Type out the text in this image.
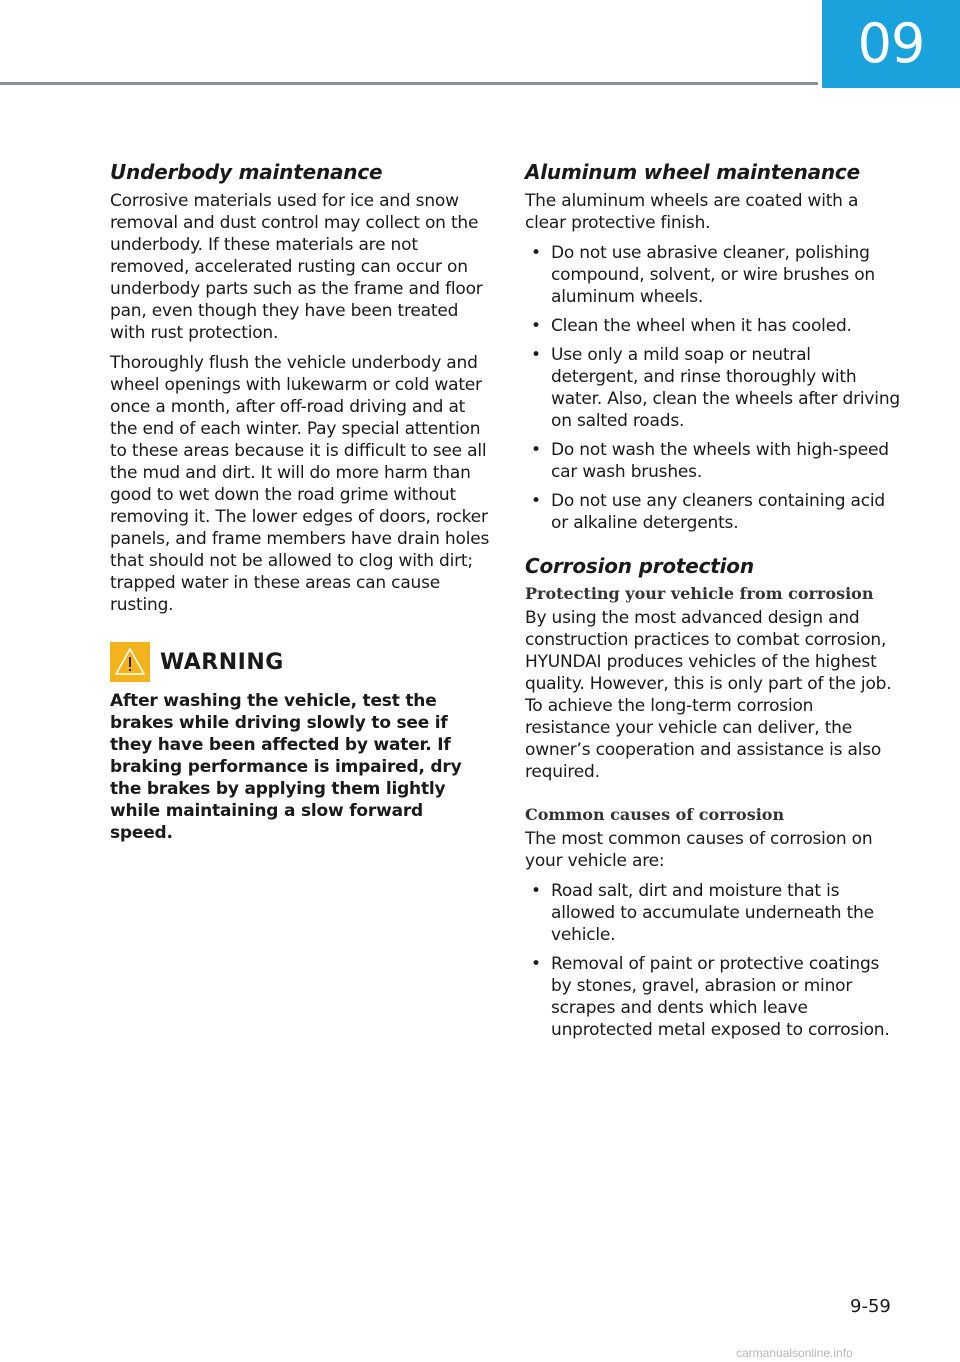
09
Underbody maintenance

Corrosive materials used for ice and snow removal and dust control may collect on the underbody. If these materials are not removed, accelerated rusting can occur on underbody parts such as the frame and floor pan, even though they have been treated with rust protection.

Thoroughly flush the vehicle underbody and wheel openings with lukewarm or cold water once a month, after off-road driving and at the end of each winter. Pay special attention to these areas because it is difficult to see all the mud and dirt. It will do more harm than good to wet down the road grime without removing it. The lower edges of doors, rocker panels, and frame members have drain holes that should not be allowed to clog with dirt; trapped water in these areas can cause rusting.

WARNING

After washing the vehicle, test the brakes while driving slowly to see if they have been affected by water. If braking performance is impaired, dry the brakes by applying them lightly while maintaining a slow forward speed.

Aluminum wheel maintenance

The aluminum wheels are coated with a clear protective finish.

• Do not use abrasive cleaner, polishing compound, solvent, or wire brushes on aluminum wheels.
• Clean the wheel when it has cooled.
• Use only a mild soap or neutral detergent, and rinse thoroughly with water. Also, clean the wheels after driving on salted roads.
• Do not wash the wheels with high-speed car wash brushes.
• Do not use any cleaners containing acid or alkaline detergents.
Corrosion protection
Protecting your vehicle from corrosion

By using the most advanced design and construction practices to combat corrosion, HYUNDAI produces vehicles of the highest quality. However, this is only part of the job. To achieve the long-term corrosion resistance your vehicle can deliver, the owner’s cooperation and assistance is also required.

Common causes of corrosion

The most common causes of corrosion on your vehicle are:

• Road salt, dirt and moisture that is allowed to accumulate underneath the vehicle.
• Removal of paint or protective coatings by stones, gravel, abrasion or minor scrapes and dents which leave unprotected metal exposed to corrosion.
9-59
carmanualsonline.info
